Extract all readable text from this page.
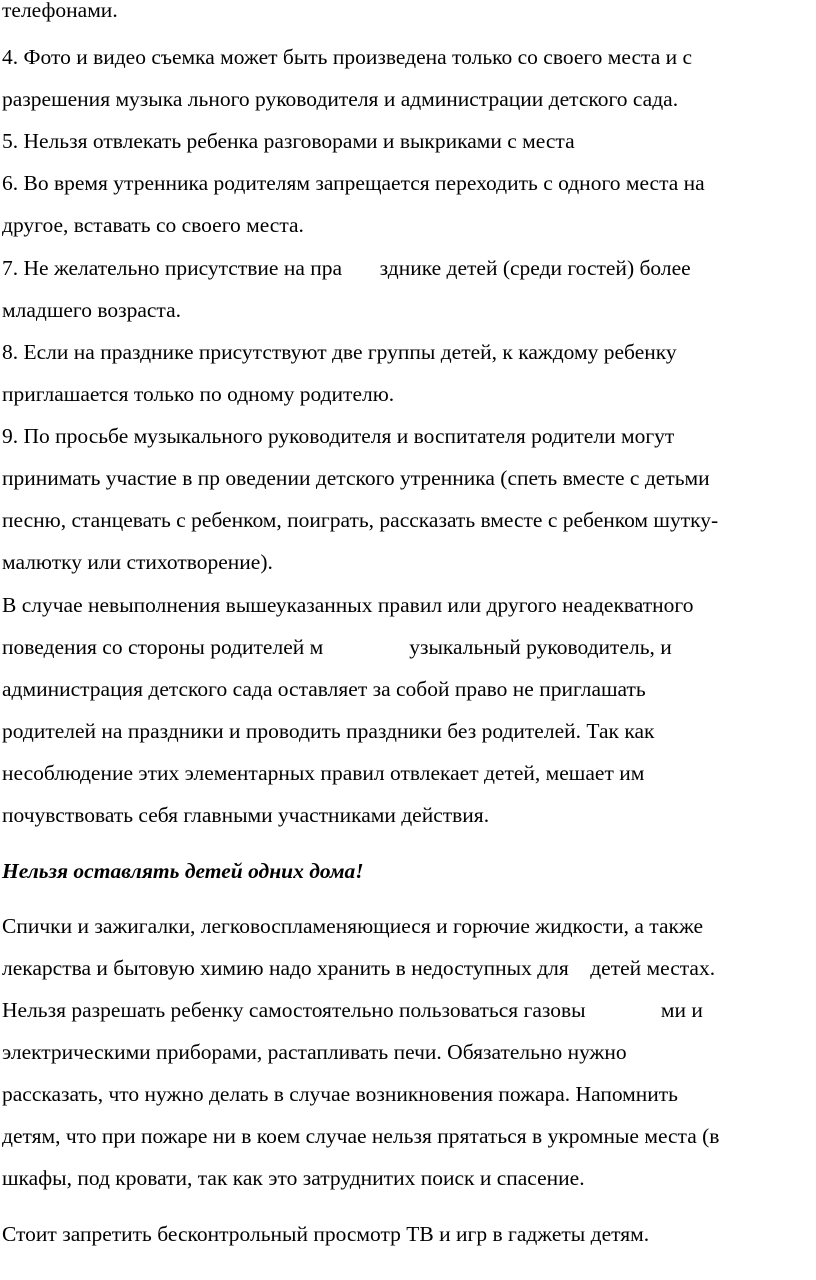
телефонами.
4. Фото и видео съемка может быть произведена только со своего места и с
разрешения музыка льного руководителя и администрации детского сада.
5. Нельзя отвлекать ребенка разговорами и выкриками с места
6. Во время утренника родителям запрещается переходить с одного места на
другое, вставать со своего места.
7. Не желательно присутствие на пра       зднике детей (среди гостей) более
младшего возраста.
8. Если на празднике присутствуют две группы детей, к каждому ребенку
приглашается только по одному родителю.
9. По просьбе музыкального руководителя и воспитателя родители могут
принимать участие в пр оведении детского утренника (спеть вместе с детьми
песню, станцевать с ребенком, поиграть, рассказать вместе с ребенком шутку-
малютку или стихотворение).
В случае невыполнения вышеуказанных правил или другого неадекватного
поведения со стороны родителей м                узыкальный руководитель, и
администрация детского сада оставляет за собой право не приглашать
родителей на праздники и проводить праздники без родителей. Так как
несоблюдение этих элементарных правил отвлекает детей, мешает им
почувствовать себя главными участниками действия.
Нельзя оставлять детей одних дома!
Спички и зажигалки, легковоспламеняющиеся и горючие жидкости, а также
лекарства и бытовую химию надо хранить в недоступных для    детей местах.
Нельзя разрешать ребенку самостоятельно пользоваться газовы              ми и
электрическими приборами, растапливать печи. Обязательно нужно
рассказать, что нужно делать в случае возникновения пожара. Напомнить
детям, что при пожаре ни в коем случае нельзя прятаться в укромные места (в
шкафы, под кровати, так как это затруднитих поиск и спасение.
Стоит запретить бесконтрольный просмотр ТВ и игр в гаджеты детям.
